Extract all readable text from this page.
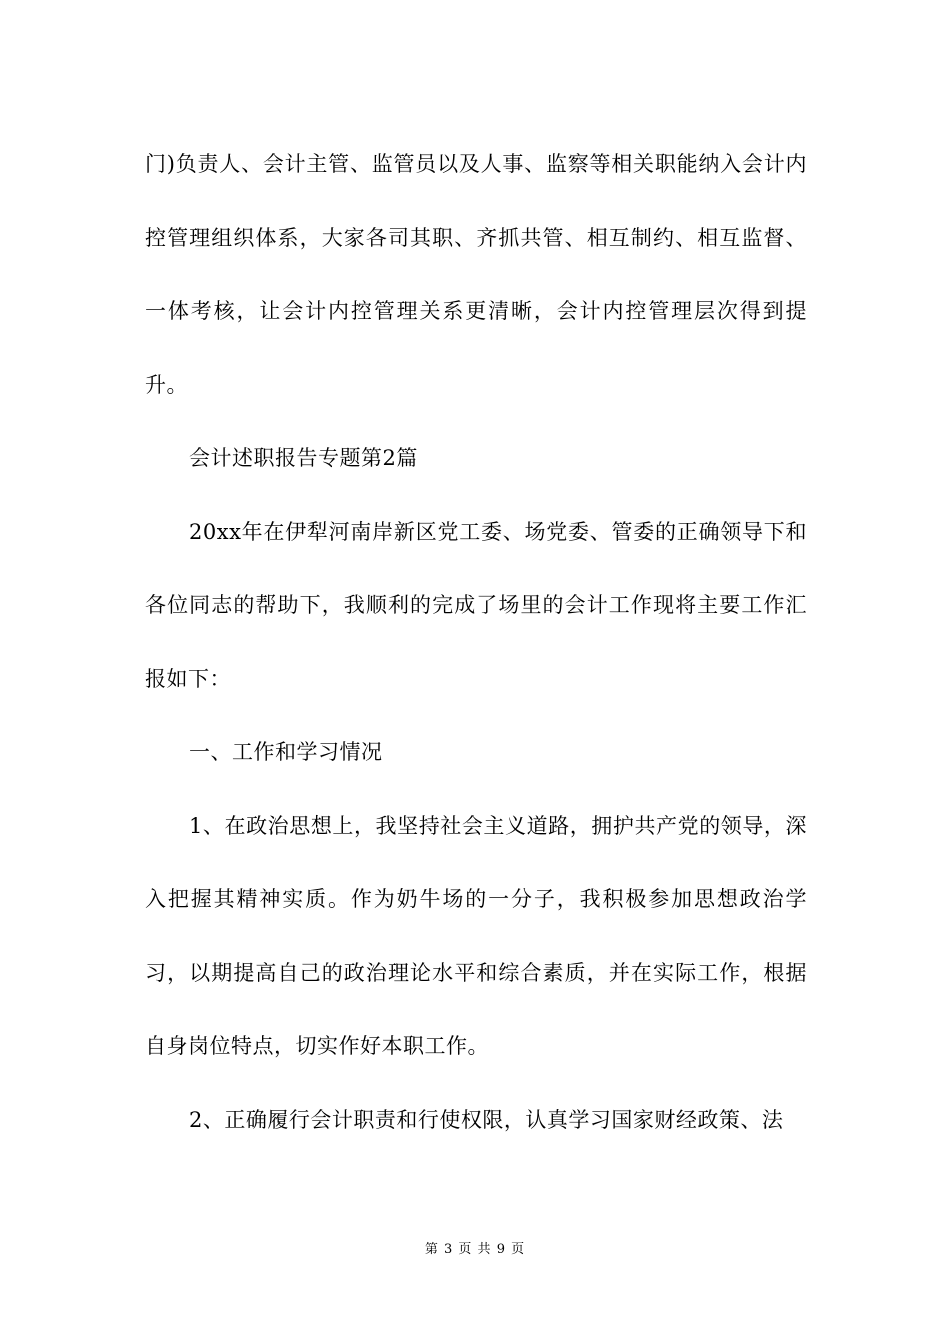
门)负责人、会计主管、监管员以及人事、监察等相关职能纳入会计内控管理组织体系，大家各司其职、齐抓共管、相互制约、相互监督、一体考核，让会计内控管理关系更清晰，会计内控管理层次得到提升。

会计述职报告专题第2篇

20xx年在伊犁河南岸新区党工委、场党委、管委的正确领导下和各位同志的帮助下，我顺利的完成了场里的会计工作现将主要工作汇报如下：

一、工作和学习情况

1、在政治思想上，我坚持社会主义道路，拥护共产党的领导，深入把握其精神实质。作为奶牛场的一分子，我积极参加思想政治学习，以期提高自己的政治理论水平和综合素质，并在实际工作，根据自身岗位特点，切实作好本职工作。

2、正确履行会计职责和行使权限，认真学习国家财经政策、法

第 3 页 共 9 页
